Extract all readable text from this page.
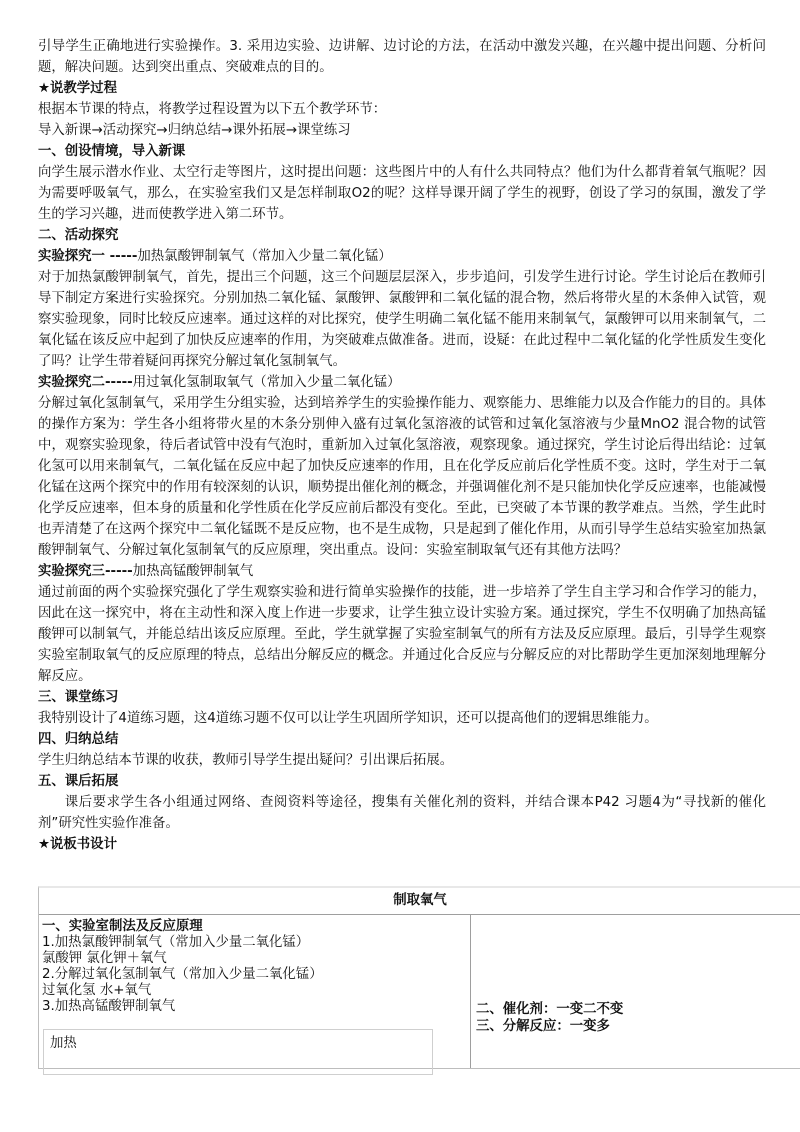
引导学生正确地进行实验操作。3. 采用边实验、边讲解、边讨论的方法，在活动中激发兴趣，在兴趣中提出问题、分析问题，解决问题。达到突出重点、突破难点的目的。

★说教学过程

根据本节课的特点，将教学过程设置为以下五个教学环节：

导入新课→活动探究→归纳总结→课外拓展→课堂练习

一、创设情境，导入新课

向学生展示潜水作业、太空行走等图片，这时提出问题：这些图片中的人有什么共同特点？他们为什么都背着氧气瓶呢？因为需要呼吸氧气，那么，在实验室我们又是怎样制取O2的呢？这样导课开阔了学生的视野，创设了学习的氛围，激发了学生的学习兴趣，进而使教学进入第二环节。

二、活动探究

实验探究一 -----加热氯酸钾制氧气（常加入少量二氧化锰）

对于加热氯酸钾制氧气，首先，提出三个问题，这三个问题层层深入，步步追问，引发学生进行讨论。学生讨论后在教师引导下制定方案进行实验探究。分别加热二氧化锰、氯酸钾、氯酸钾和二氧化锰的混合物，然后将带火星的木条伸入试管，观察实验现象，同时比较反应速率。通过这样的对比探究，使学生明确二氧化锰不能用来制氧气，氯酸钾可以用来制氧气，二氧化锰在该反应中起到了加快反应速率的作用，为突破难点做准备。进而，设疑：在此过程中二氧化锰的化学性质发生变化了吗？让学生带着疑问再探究分解过氧化氢制氧气。

实验探究二-----用过氧化氢制取氧气（常加入少量二氧化锰）

分解过氧化氢制氧气，采用学生分组实验，达到培养学生的实验操作能力、观察能力、思维能力以及合作能力的目的。具体的操作方案为：学生各小组将带火星的木条分别伸入盛有过氧化氢溶液的试管和过氧化氢溶液与少量MnO2 混合物的试管中，观察实验现象，待后者试管中没有气泡时，重新加入过氧化氢溶液，观察现象。通过探究，学生讨论后得出结论：过氧化氢可以用来制氧气，二氧化锰在反应中起了加快反应速率的作用，且在化学反应前后化学性质不变。这时，学生对于二氧化锰在这两个探究中的作用有较深刻的认识，顺势提出催化剂的概念，并强调催化剂不是只能加快化学反应速率，也能减慢化学反应速率，但本身的质量和化学性质在化学反应前后都没有变化。至此，已突破了本节课的教学难点。当然，学生此时也弄清楚了在这两个探究中二氧化锰既不是反应物，也不是生成物，只是起到了催化作用，从而引导学生总结实验室加热氯酸钾制氧气、分解过氧化氢制氧气的反应原理，突出重点。设问：实验室制取氧气还有其他方法吗？

实验探究三-----加热高锰酸钾制氧气

通过前面的两个实验探究强化了学生观察实验和进行简单实验操作的技能，进一步培养了学生自主学习和合作学习的能力，因此在这一探究中，将在主动性和深入度上作进一步要求，让学生独立设计实验方案。通过探究，学生不仅明确了加热高锰酸钾可以制氧气，并能总结出该反应原理。至此，学生就掌握了实验室制氧气的所有方法及反应原理。最后，引导学生观察实验室制取氧气的反应原理的特点，总结出分解反应的概念。并通过化合反应与分解反应的对比帮助学生更加深刻地理解分解反应。

三、课堂练习

我特别设计了4道练习题，这4道练习题不仅可以让学生巩固所学知识，还可以提高他们的逻辑思维能力。

四、归纳总结

学生归纳总结本节课的收获，教师引导学生提出疑问？引出课后拓展。

五、课后拓展

课后要求学生各小组通过网络、查阅资料等途径，搜集有关催化剂的资料，并结合课本P42 习题4为“寻找新的催化剂”研究性实验作准备。

★说板书设计

制取氧气
一、实验室制法及反应原理
1.加热氯酸钾制氧气（常加入少量二氧化锰）
氯酸钾 氯化钾＋氧气
2.分解过氧化氢制氧气（常加入少量二氧化锰）
过氧化氢 水+氧气
3.加热高锰酸钾制氧气
加热
二、催化剂：一变二不变
三、分解反应：一变多
